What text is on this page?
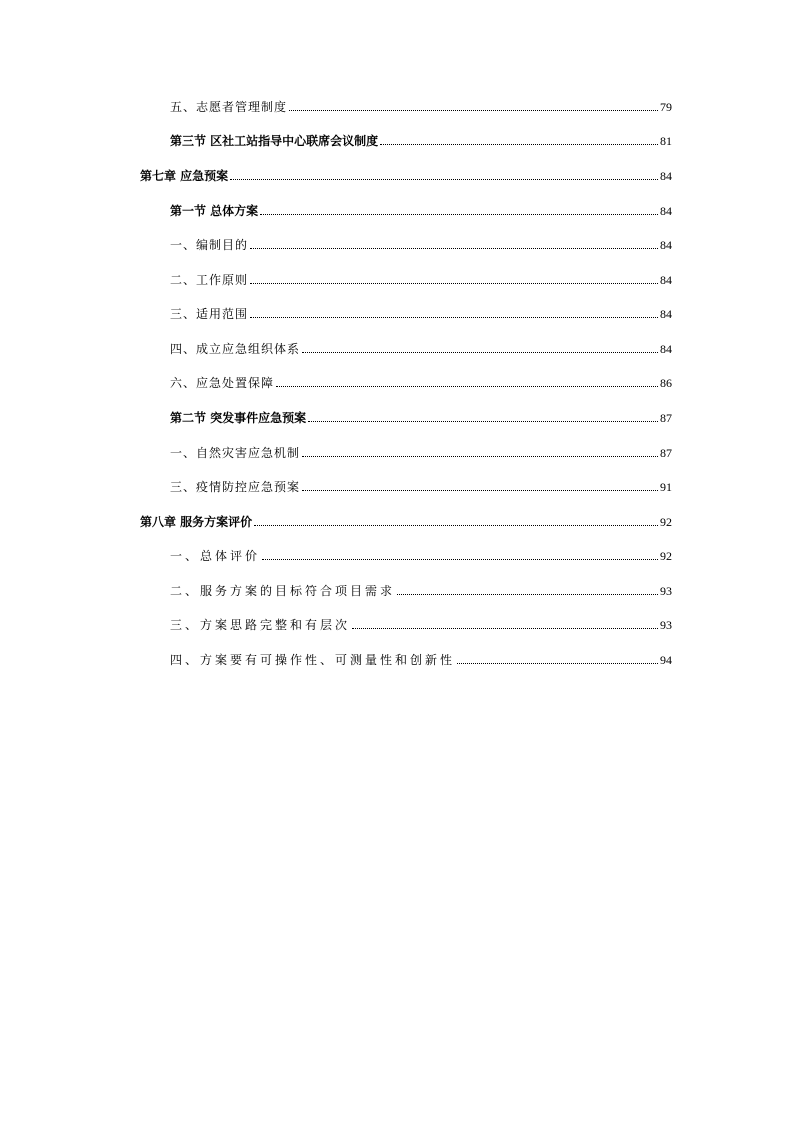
五、志愿者管理制度	79
第三节 区社工站指导中心联席会议制度	81
第七章 应急预案	84
第一节 总体方案	84
一、编制目的	84
二、工作原则	84
三、适用范围	84
四、成立应急组织体系	84
六、应急处置保障	86
第二节 突发事件应急预案	87
一、自然灾害应急机制	87
三、疫情防控应急预案	91
第八章 服务方案评价	92
一、总体评价	92
二、服务方案的目标符合项目需求	93
三、方案思路完整和有层次	93
四、方案要有可操作性、可测量性和创新性	94
